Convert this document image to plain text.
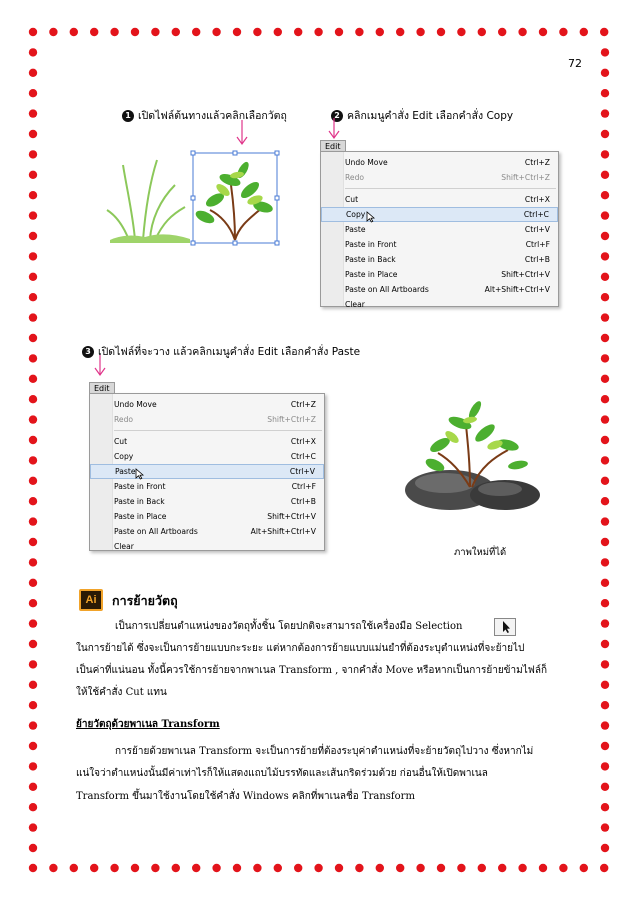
72
1 เปิดไฟล์ต้นทางแล้วคลิกเลือกวัตถุ	2 คลิกเมนูคำสั่ง Edit เลือกคำสั่ง Copy
Edit
Undo Move	Ctrl+Z
Redo	Shift+Ctrl+Z
Cut	Ctrl+X
Copy	Ctrl+C
Paste	Ctrl+V
Paste in Front	Ctrl+F
Paste in Back	Ctrl+B
Paste in Place	Shift+Ctrl+V
Paste on All Artboards	Alt+Shift+Ctrl+V
Clear
3 เปิดไฟล์ที่จะวาง แล้วคลิกเมนูคำสั่ง Edit เลือกคำสั่ง Paste
Edit
Undo Move	Ctrl+Z
Redo	Shift+Ctrl+Z
Cut	Ctrl+X
Copy	Ctrl+C
Paste	Ctrl+V
Paste in Front	Ctrl+F
Paste in Back	Ctrl+B
Paste in Place	Shift+Ctrl+V
Paste on All Artboards	Alt+Shift+Ctrl+V
Clear
ภาพใหม่ที่ได้
Ai	การย้ายวัตถุ
เป็นการเปลี่ยนตำแหน่งของวัตถุทั้งชิ้น โดยปกติจะสามารถใช้เครื่องมือ Selection
ในการย้ายได้ ซึ่งจะเป็นการย้ายแบบกะระยะ แต่หากต้องการย้ายแบบแม่นยำที่ต้องระบุตำแหน่งที่จะย้ายไป
เป็นค่าที่แน่นอน ทั้งนี้ควรใช้การย้ายจากพาเนล Transform , จากคำสั่ง Move หรือหากเป็นการย้ายข้ามไฟล์ก็
ให้ใช้คำสั่ง Cut แทน
ย้ายวัตถุด้วยพาเนล Transform
การย้ายด้วยพาเนล Transform จะเป็นการย้ายที่ต้องระบุค่าตำแหน่งที่จะย้ายวัตถุไปวาง ซึ่งหากไม่
แน่ใจว่าตำแหน่งนั้นมีค่าเท่าไรก็ให้แสดงแถบไม้บรรทัดและเส้นกริดร่วมด้วย ก่อนอื่นให้เปิดพาเนล
Transform ขึ้นมาใช้งานโดยใช้คำสั่ง Windows คลิกที่พาเนลชื่อ Transform
